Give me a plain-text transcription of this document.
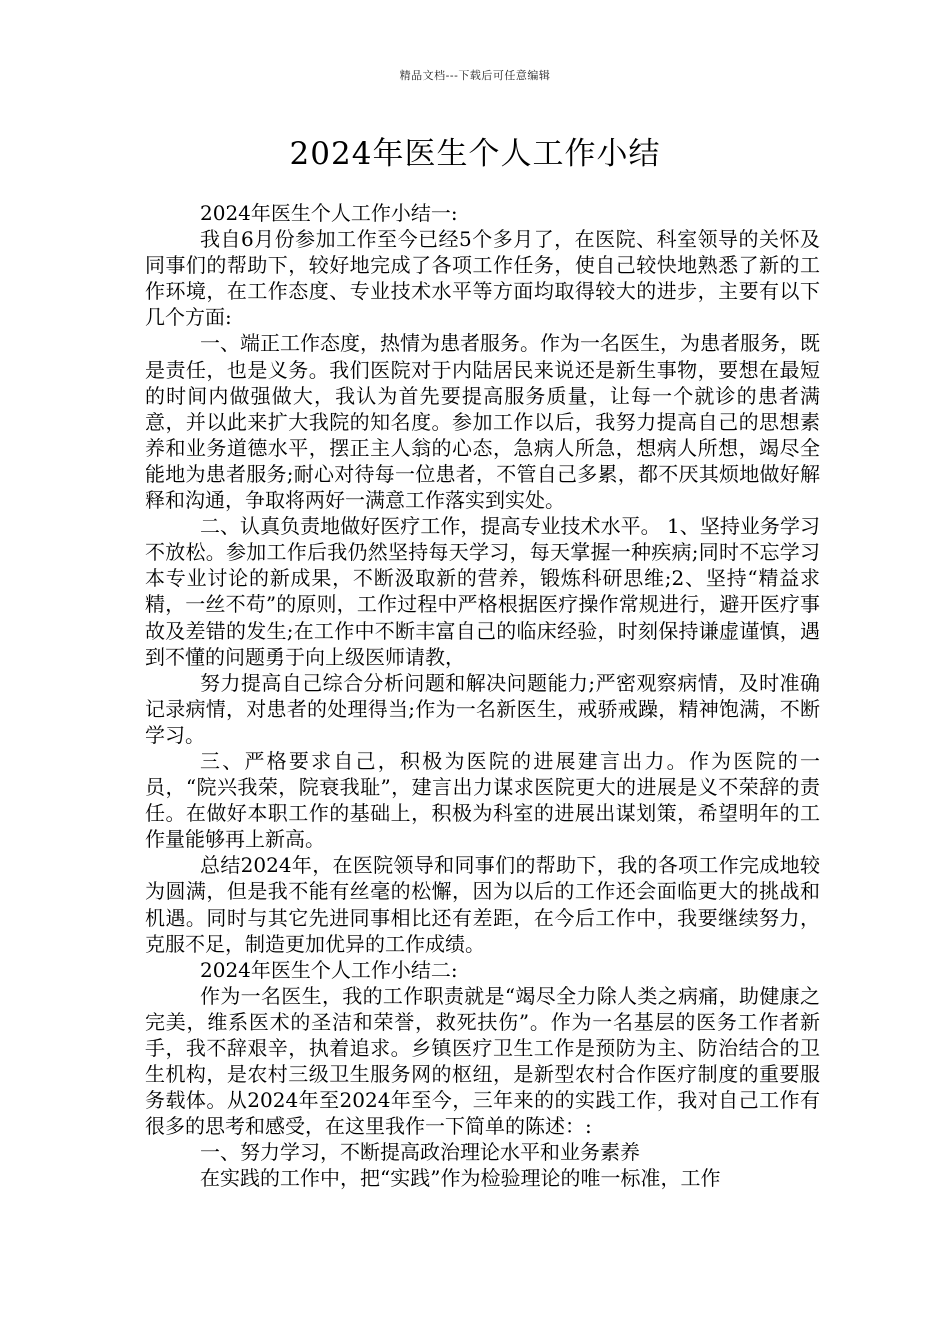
精品文档---下载后可任意编辑
2024年医生个人工作小结

2024年医生个人工作小结一:

我自6月份参加工作至今已经5个多月了，在医院、科室领导的关怀及同事们的帮助下，较好地完成了各项工作任务，使自己较快地熟悉了新的工作环境，在工作态度、专业技术水平等方面均取得较大的进步，主要有以下几个方面:

一、端正工作态度，热情为患者服务。作为一名医生，为患者服务，既是责任，也是义务。我们医院对于内陆居民来说还是新生事物，要想在最短的时间内做强做大，我认为首先要提高服务质量，让每一个就诊的患者满意，并以此来扩大我院的知名度。参加工作以后，我努力提高自己的思想素养和业务道德水平，摆正主人翁的心态，急病人所急，想病人所想，竭尽全能地为患者服务;耐心对待每一位患者，不管自己多累，都不厌其烦地做好解释和沟通，争取将两好一满意工作落实到实处。

二、认真负责地做好医疗工作，提高专业技术水平。 1、坚持业务学习不放松。参加工作后我仍然坚持每天学习，每天掌握一种疾病;同时不忘学习本专业讨论的新成果，不断汲取新的营养，锻炼科研思维;2、坚持“精益求精，一丝不苟”的原则，工作过程中严格根据医疗操作常规进行，避开医疗事故及差错的发生;在工作中不断丰富自己的临床经验，时刻保持谦虚谨慎，遇到不懂的问题勇于向上级医师请教，

努力提高自己综合分析问题和解决问题能力;严密观察病情，及时准确记录病情，对患者的处理得当;作为一名新医生，戒骄戒躁，精神饱满，不断学习。

三、严格要求自己，积极为医院的进展建言出力。作为医院的一员，“院兴我荣，院衰我耻”，建言出力谋求医院更大的进展是义不荣辞的责任。在做好本职工作的基础上，积极为科室的进展出谋划策，希望明年的工作量能够再上新高。

总结2024年，在医院领导和同事们的帮助下，我的各项工作完成地较为圆满，但是我不能有丝毫的松懈，因为以后的工作还会面临更大的挑战和机遇。同时与其它先进同事相比还有差距，在今后工作中，我要继续努力，克服不足，制造更加优异的工作成绩。

2024年医生个人工作小结二:

作为一名医生，我的工作职责就是“竭尽全力除人类之病痛，助健康之完美，维系医术的圣洁和荣誉，救死扶伤”。作为一名基层的医务工作者新手，我不辞艰辛，执着追求。乡镇医疗卫生工作是预防为主、防治结合的卫生机构，是农村三级卫生服务网的枢纽，是新型农村合作医疗制度的重要服务载体。从2024年至2024年至今，三年来的的实践工作，我对自己工作有很多的思考和感受，在这里我作一下简单的陈述：:

一、努力学习，不断提高政治理论水平和业务素养

在实践的工作中，把“实践”作为检验理论的唯一标准，工作
